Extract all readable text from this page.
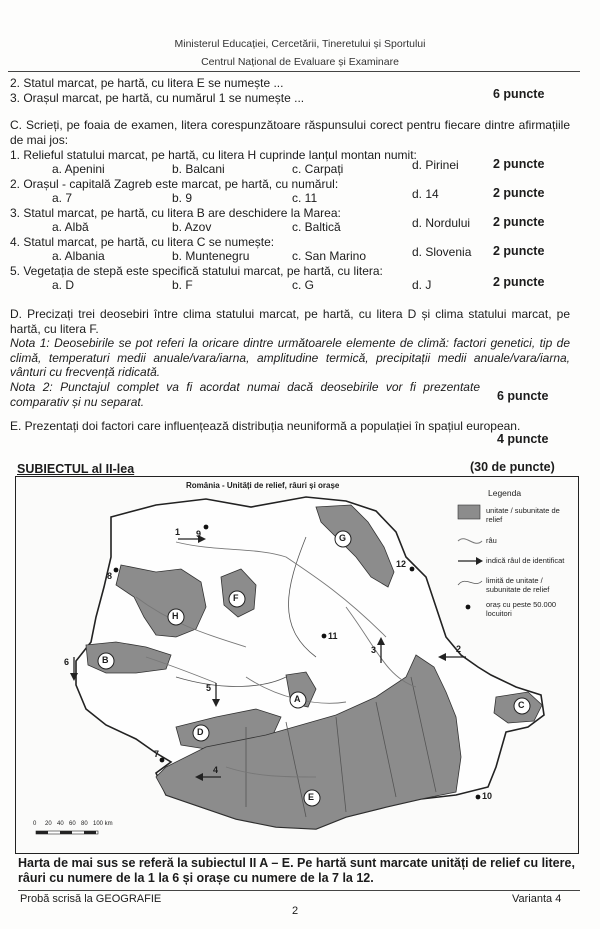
Ministerul Educației, Cercetării, Tineretului și Sportului
Centrul Național de Evaluare și Examinare
2. Statul marcat, pe hartă, cu litera E se numește ...
3. Orașul marcat, pe hartă, cu numărul 1 se numește ...	6 puncte
C. Scrieți, pe foaia de examen, litera corespunzătoare răspunsului corect pentru fiecare dintre afirmațiile de mai jos:
1. Relieful statului marcat, pe hartă, cu litera H cuprinde lanțul montan numit:
a. Apenini	b. Balcani	c. Carpați	d. Pirinei	2 puncte
2. Orașul - capitală Zagreb este marcat, pe hartă, cu numărul:
a. 7	b. 9	c. 11	d. 14	2 puncte
3. Statul marcat, pe hartă, cu litera B are deschidere la Marea:
a. Albă	b. Azov	c. Baltică	d. Nordului 2 puncte
4. Statul marcat, pe hartă, cu litera C se numește:
a. Albania	b. Muntenegru	c. San Marino	d. Slovenia 2 puncte
5. Vegetația de stepă este specifică statului marcat, pe hartă, cu litera:
a. D	b. F	c. G	d. J	2 puncte
D. Precizați trei deosebiri între clima statului marcat, pe hartă, cu litera D și clima statului marcat, pe hartă, cu litera F.
Nota 1: Deosebirile se pot referi la oricare dintre următoarele elemente de climă: factori genetici, tip de climă, temperaturi medii anuale/vara/iarna, amplitudine termică, precipitații medii anuale/vara/iarna, vânturi cu frecvență ridicată.
Nota 2: Punctajul complet va fi acordat numai dacă deosebirile vor fi prezentate comparativ și nu separat.	6 puncte
E. Prezentați doi factori care influențează distribuția neuniformă a populației în spațiul european.
4 puncte
SUBIECTUL al II-lea	(30 de puncte)
România - Unități de relief, râuri și orașe
Legenda
unitate / subunitate de relief
râu
indică râul de identificat
limită de unitate / subunitate de relief
oraș cu peste 50.000 locuitori
A
B
C
D
E
F
G
H
1
2
3
4
5
6
7
8
9
10
11
12
0 20 40 60 80 100 km
Harta de mai sus se referă la subiectul II A – E. Pe hartă sunt marcate unități de relief cu litere, râuri cu numere de la 1 la 6 și orașe cu numere de la 7 la 12.
Probă scrisă la GEOGRAFIE	Varianta 4
2
